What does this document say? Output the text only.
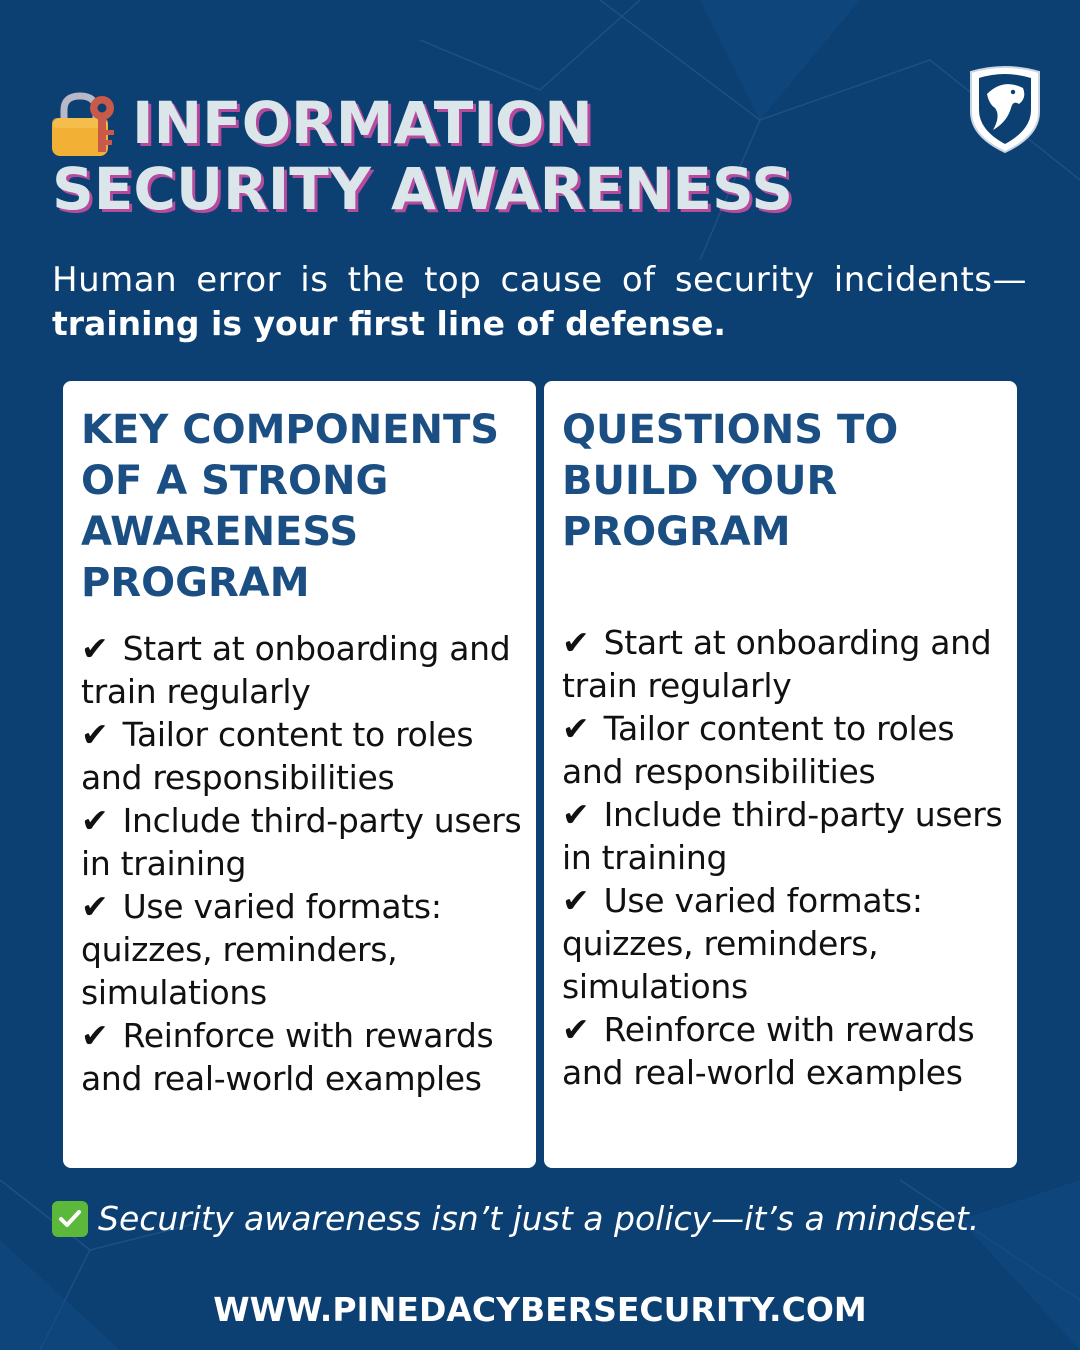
INFORMATION
SECURITY AWARENESS

Human error is the top cause of security incidents—
training is your first line of defense.

KEY COMPONENTS
OF A STRONG
AWARENESS
PROGRAM
✔ Start at onboarding and train regularly
✔ Tailor content to roles and responsibilities
✔ Include third-party users in training
✔ Use varied formats: quizzes, reminders, simulations
✔ Reinforce with rewards and real-world examples
QUESTIONS TO
BUILD YOUR
PROGRAM
✔ Start at onboarding and train regularly
✔ Tailor content to roles and responsibilities
✔ Include third-party users in training
✔ Use varied formats: quizzes, reminders, simulations
✔ Reinforce with rewards and real-world examples
Security awareness isn’t just a policy—it’s a mindset.
WWW.PINEDACYBERSECURITY.COM
